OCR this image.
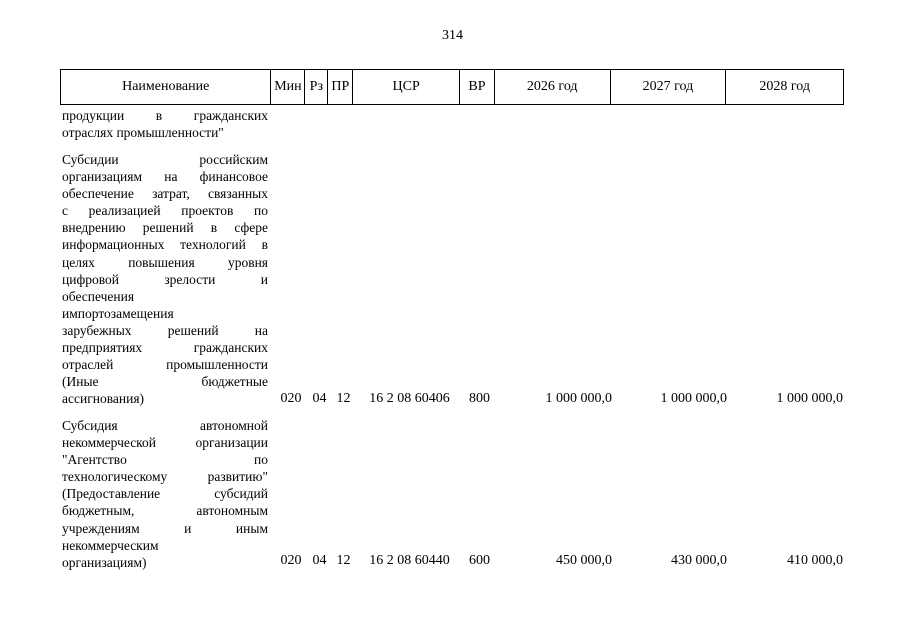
314
Наименование	Мин Рз ПР	ЦСР	ВР	2026 год	2027 год	2028 год
продукции в гражданских
отраслях промышленности"
Субсидии российским
организациям на финансовое
обеспечение затрат, связанных
с реализацией проектов по
внедрению решений в сфере
информационных технологий в
целях повышения уровня
цифровой зрелости и
обеспечения
импортозамещения
зарубежных решений на
предприятиях гражданских
отраслей промышленности
(Иные бюджетные
ассигнования)	020 04 12	16 2 08 60406	800	1 000 000,0	1 000 000,0	1 000 000,0
Субсидия автономной
некоммерческой организации
"Агентство по
технологическому развитию"
(Предоставление субсидий
бюджетным, автономным
учреждениям и иным
некоммерческим
организациям)	020 04 12	16 2 08 60440	600	450 000,0	430 000,0	410 000,0
